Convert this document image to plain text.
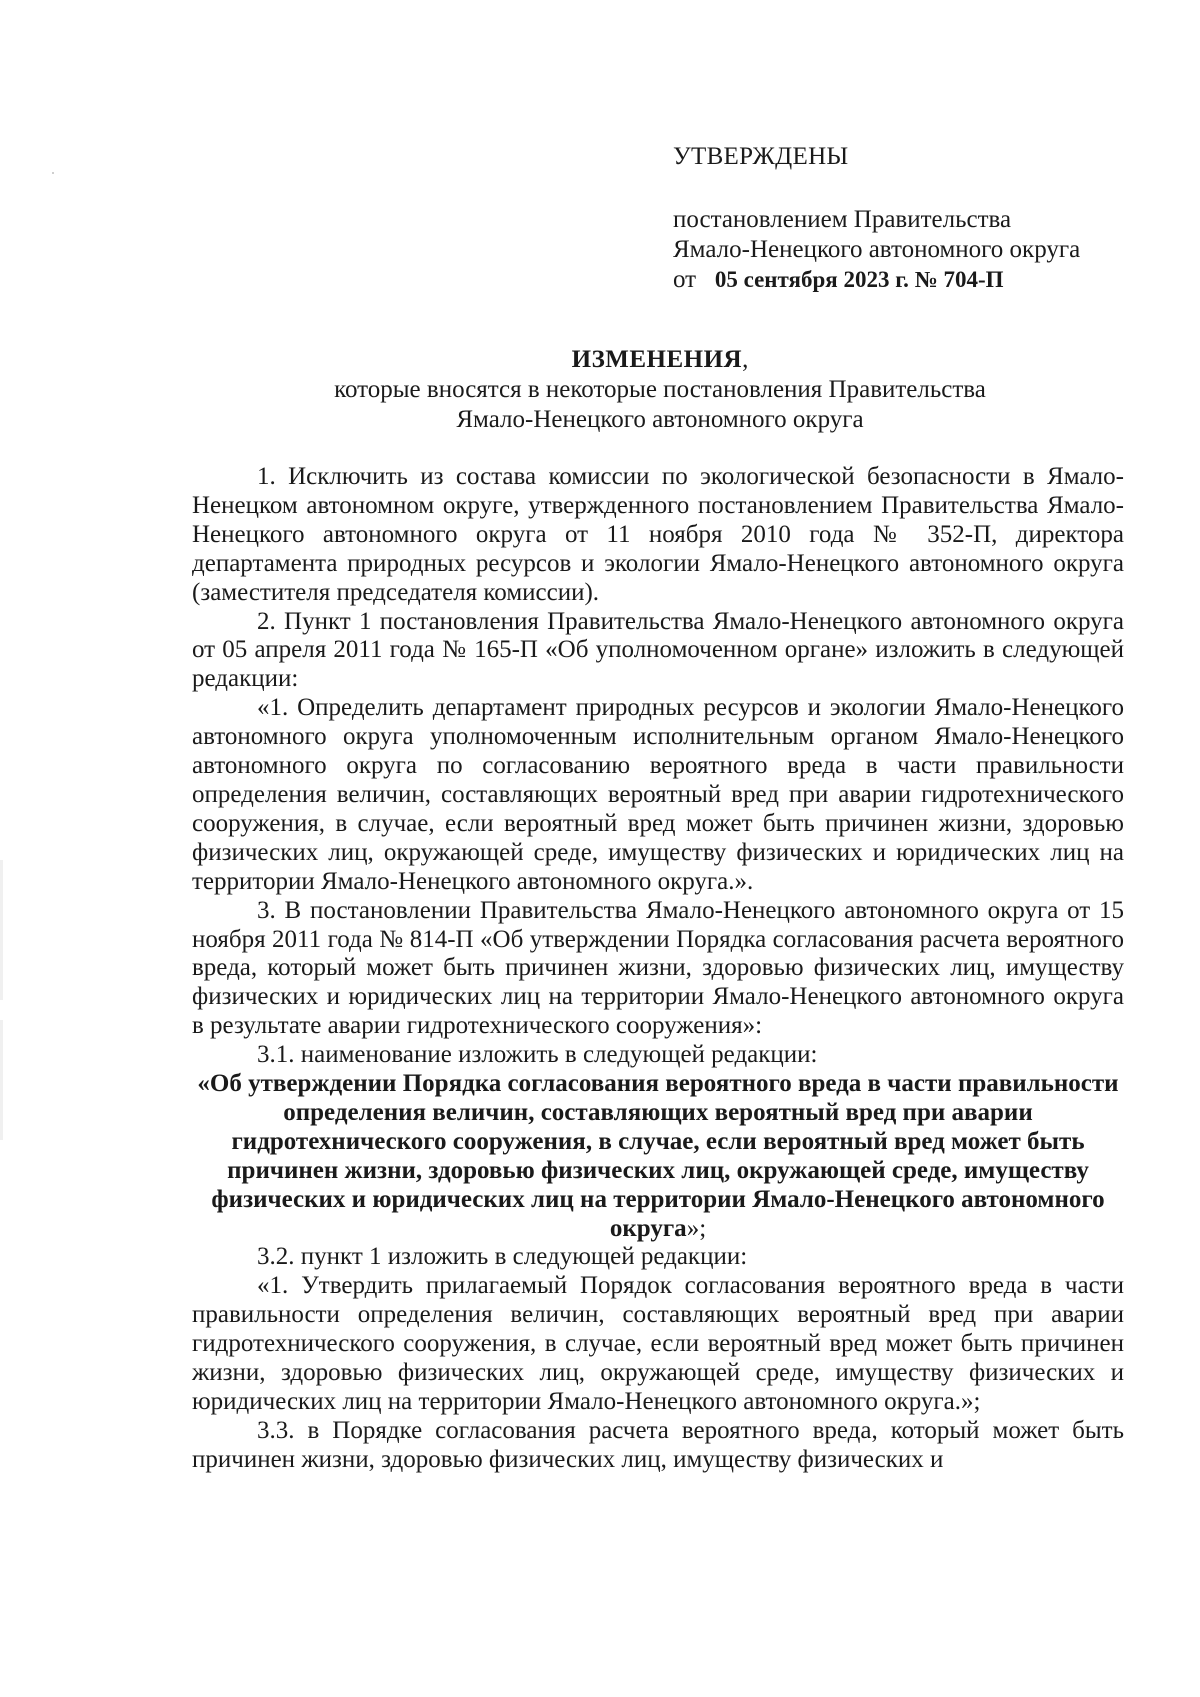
УТВЕРЖДЕНЫ

постановлением Правительства

Ямало-Ненецкого автономного округа

от 05 сентября 2023 г. № 704-П

ИЗМЕНЕНИЯ,

которые вносятся в некоторые постановления Правительства

Ямало-Ненецкого автономного округа

1. Исключить из состава комиссии по экологической безопасности в Ямало-Ненецком автономном округе, утвержденного постановлением Правительства Ямало-Ненецкого автономного округа от 11 ноября 2010 года № 352-П, директора департамента природных ресурсов и экологии Ямало-Ненецкого автономного округа (заместителя председателя комиссии).

2. Пункт 1 постановления Правительства Ямало-Ненецкого автономного округа от 05 апреля 2011 года № 165-П «Об уполномоченном органе» изложить в следующей редакции:

«1. Определить департамент природных ресурсов и экологии Ямало-Ненецкого автономного округа уполномоченным исполнительным органом Ямало-Ненецкого автономного округа по согласованию вероятного вреда в части правильности определения величин, составляющих вероятный вред при аварии гидротехнического сооружения, в случае, если вероятный вред может быть причинен жизни, здоровью физических лиц, окружающей среде, имуществу физических и юридических лиц на территории Ямало-Ненецкого автономного округа.».

3. В постановлении Правительства Ямало-Ненецкого автономного округа от 15 ноября 2011 года № 814-П «Об утверждении Порядка согласования расчета вероятного вреда, который может быть причинен жизни, здоровью физических лиц, имуществу физических и юридических лиц на территории Ямало-Ненецкого автономного округа в результате аварии гидротехнического сооружения»:

3.1. наименование изложить в следующей редакции:

«Об утверждении Порядка согласования вероятного вреда в части правильности определения величин, составляющих вероятный вред при аварии гидротехнического сооружения, в случае, если вероятный вред может быть причинен жизни, здоровью физических лиц, окружающей среде, имуществу физических и юридических лиц на территории Ямало-Ненецкого автономного округа»;

3.2. пункт 1 изложить в следующей редакции:

«1. Утвердить прилагаемый Порядок согласования вероятного вреда в части правильности определения величин, составляющих вероятный вред при аварии гидротехнического сооружения, в случае, если вероятный вред может быть причинен жизни, здоровью физических лиц, окружающей среде, имуществу физических и юридических лиц на территории Ямало-Ненецкого автономного округа.»;

3.3. в Порядке согласования расчета вероятного вреда, который может быть причинен жизни, здоровью физических лиц, имуществу физических и
